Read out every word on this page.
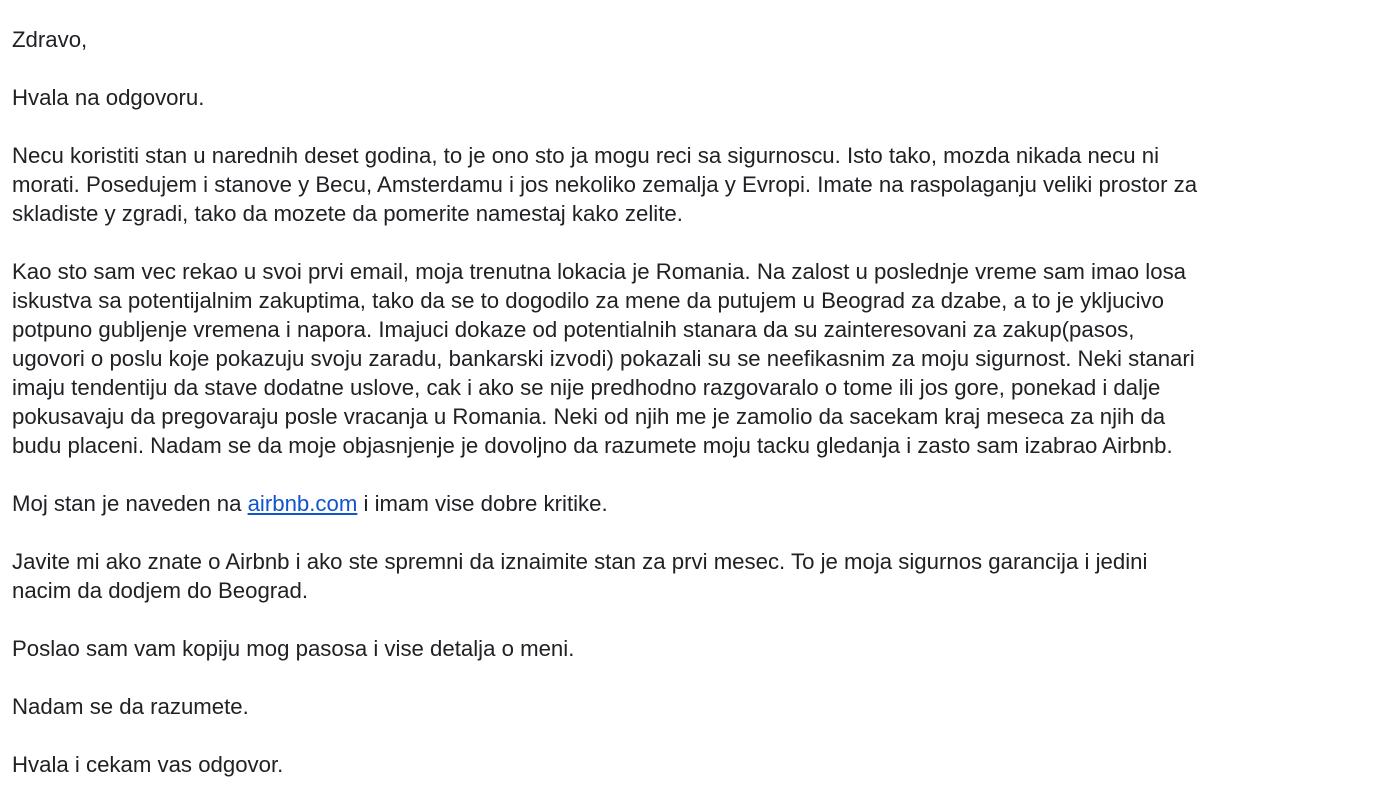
Zdravo,

Hvala na odgovoru.

Necu koristiti stan u narednih deset godina, to je ono sto ja mogu reci sa sigurnoscu. Isto tako, mozda nikada necu ni
morati. Posedujem i stanove y Becu, Amsterdamu i jos nekoliko zemalja y Evropi. Imate na raspolaganju veliki prostor za
skladiste y zgradi, tako da mozete da pomerite namestaj kako zelite.

Kao sto sam vec rekao u svoi prvi email, moja trenutna lokacia je Romania. Na zalost u poslednje vreme sam imao losa
iskustva sa potentijalnim zakuptima, tako da se to dogodilo za mene da putujem u Beograd za dzabe, a to je ykljucivo
potpuno gubljenje vremena i napora. Imajuci dokaze od potentialnih stanara da su zainteresovani za zakup(pasos,
ugovori o poslu koje pokazuju svoju zaradu, bankarski izvodi) pokazali su se neefikasnim za moju sigurnost. Neki stanari
imaju tendentiju da stave dodatne uslove, cak i ako se nije predhodno razgovaralo o tome ili jos gore, ponekad i dalje
pokusavaju da pregovaraju posle vracanja u Romania. Neki od njih me je zamolio da sacekam kraj meseca za njih da
budu placeni. Nadam se da moje objasnjenje je dovoljno da razumete moju tacku gledanja i zasto sam izabrao Airbnb.

Moj stan je naveden na airbnb.com i imam vise dobre kritike.

Javite mi ako znate o Airbnb i ako ste spremni da iznaimite stan za prvi mesec. To je moja sigurnos garancija i jedini
nacim da dodjem do Beograd.

Poslao sam vam kopiju mog pasosa i vise detalja o meni.

Nadam se da razumete.

Hvala i cekam vas odgovor.
